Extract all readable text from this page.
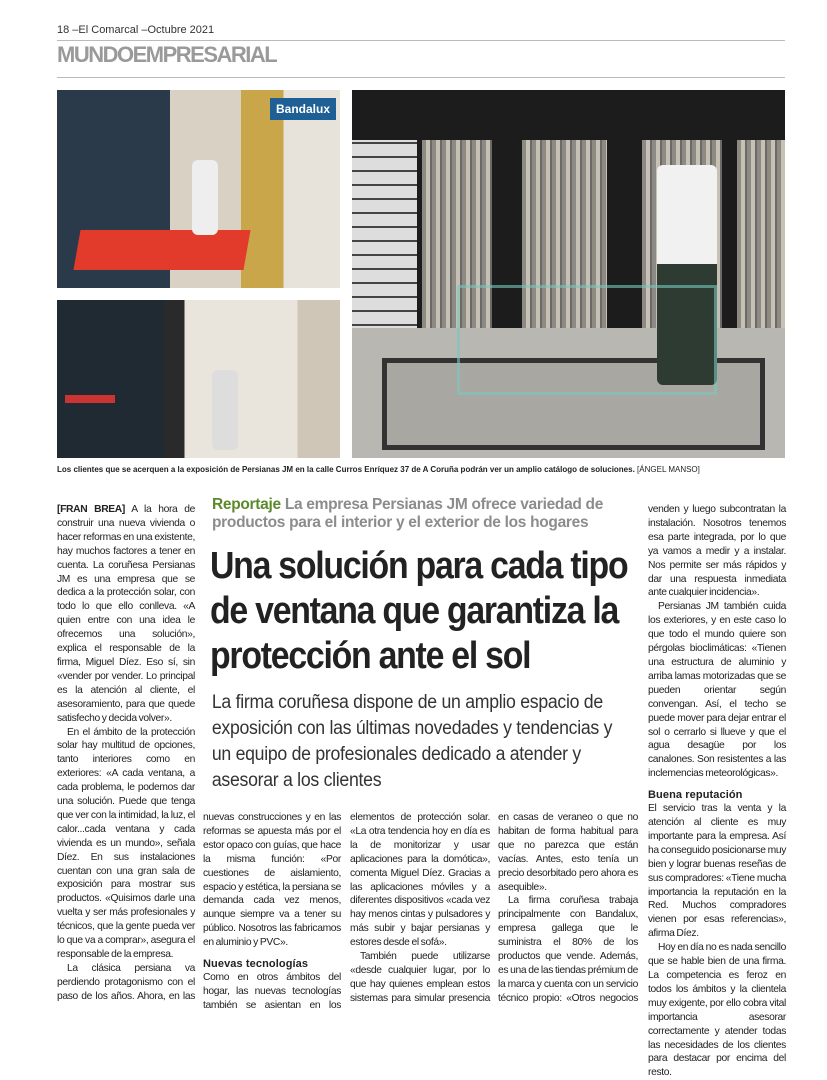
18 –El Comarcal –Octubre 2021
MUNDOEMPRESARIAL
Bandalux
Los clientes que se acerquen a la exposición de Persianas JM en la calle Curros Enríquez 37 de A Coruña podrán ver un amplio catálogo de soluciones. [ÁNGEL MANSO]
Reportaje La empresa Persianas JM ofrece variedad de productos para el interior y el exterior de los hogares
Una solución para cada tipo de ventana que garantiza la protección ante el sol
La firma coruñesa dispone de un amplio espacio de exposición con las últimas novedades y tendencias y un equipo de profesionales dedicado a atender y asesorar a los clientes

[FRAN BREA] A la hora de construir una nueva vivienda o hacer reformas en una existente, hay muchos factores a tener en cuenta. La coruñesa Persianas JM es una empresa que se dedica a la protección solar, con todo lo que ello conlleva. «A quien entre con una idea le ofrecemos una solución», explica el responsable de la firma, Miguel Díez. Eso sí, sin «vender por vender. Lo principal es la atención al cliente, el asesoramiento, para que quede satisfecho y decida volver».

En el ámbito de la protección solar hay multitud de opciones, tanto interiores como en exteriores: «A cada ventana, a cada problema, le podemos dar una solución. Puede que tenga que ver con la intimidad, la luz, el calor...cada ventana y cada vivienda es un mundo», señala Díez. En sus instalaciones cuentan con una gran sala de exposición para mostrar sus productos. «Quisimos darle una vuelta y ser más profesionales y técnicos, que la gente pueda ver lo que va a comprar», asegura el responsable de la empresa.

La clásica persiana va perdiendo protagonismo con el paso de los años. Ahora, en las

nuevas construcciones y en las reformas se apuesta más por el estor opaco con guías, que hace la misma función: «Por cuestiones de aislamiento, espacio y estética, la persiana se demanda cada vez menos, aunque siempre va a tener su público. Nosotros las fabricamos en aluminio y PVC».

Nuevas tecnologías

Como en otros ámbitos del hogar, las nuevas tecnologías también se asientan en los

elementos de protección solar. «La otra tendencia hoy en día es la de monitorizar y usar aplicaciones para la domótica», comenta Miguel Díez. Gracias a las aplicaciones móviles y a diferentes dispositivos «cada vez hay menos cintas y pulsadores y más subir y bajar persianas y estores desde el sofá».

También puede utilizarse «desde cualquier lugar, por lo que hay quienes emplean estos sistemas para simular presencia

en casas de veraneo o que no habitan de forma habitual para que no parezca que están vacías. Antes, esto tenía un precio desorbitado pero ahora es asequible».

La firma coruñesa trabaja principalmente con Bandalux, empresa gallega que le suministra el 80% de los productos que vende. Además, es una de las tiendas prémium de la marca y cuenta con un servicio técnico propio: «Otros negocios

venden y luego subcontratan la instalación. Nosotros tenemos esa parte integrada, por lo que ya vamos a medir y a instalar. Nos permite ser más rápidos y dar una respuesta inmediata ante cualquier incidencia».

Persianas JM también cuida los exteriores, y en este caso lo que todo el mundo quiere son pérgolas bioclimáticas: «Tienen una estructura de aluminio y arriba lamas motorizadas que se pueden orientar según convengan. Así, el techo se puede mover para dejar entrar el sol o cerrarlo si llueve y que el agua desagüe por los canalones. Son resistentes a las inclemencias meteorológicas».

Buena reputación

El servicio tras la venta y la atención al cliente es muy importante para la empresa. Así ha conseguido posicionarse muy bien y lograr buenas reseñas de sus compradores: «Tiene mucha importancia la reputación en la Red. Muchos compradores vienen por esas referencias», afirma Díez.

Hoy en día no es nada sencillo que se hable bien de una firma. La competencia es feroz en todos los ámbitos y la clientela muy exigente, por ello cobra vital importancia asesorar correctamente y atender todas las necesidades de los clientes para destacar por encima del resto.
